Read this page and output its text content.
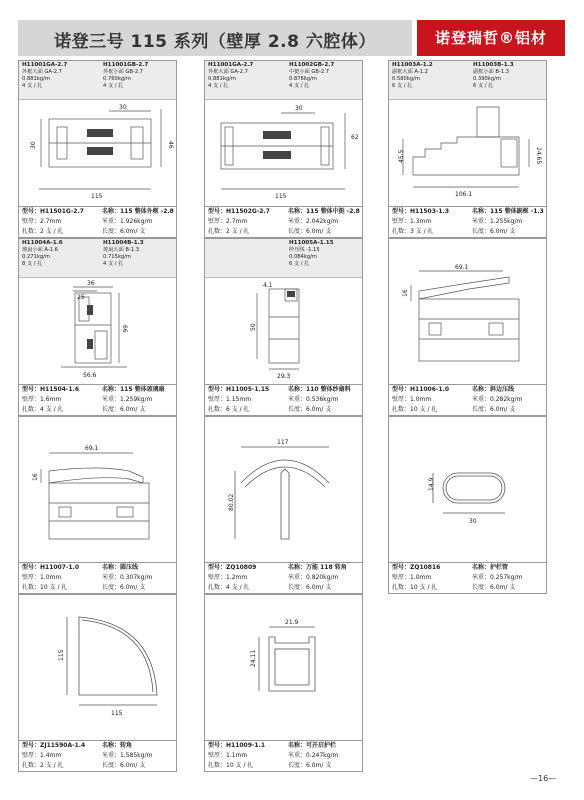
诺登三号 115 系列（壁厚 2.8 六腔体）	诺登瑞哲®铝材
H11001GA-2.7
外框大面 GA-2.7
0.881kg/m
4 支 / 扎
H11001GB-2.7
外框小面 GB-2.7
0.760kg/m
4 支 / 扎
30
46
30
115
型号：H11501G-2.7	名称：115 整体外框 -2.8
壁厚：2.7mm	米重：1.926kg/m
扎数：2 支 / 扎	长度：6.0m/ 支
H11001GA-2.7
外框大面 GA-2.7
0.881kg/m
4 支 / 扎
H11002GB-2.7
中挺小面 GB-2.7
0.876kg/m
4 支 / 扎
30
62
115
型号：H11502G-2.7	名称：115 整体中挺 -2.8
壁厚：2.7mm	米重：2.042kg/m
扎数：2 支 / 扎	长度：6.0m/ 支
H11003A-1.2
副框大面 A-1.2
0.580kg/m
6 支 / 扎
H11003B-1.3
副框小面 B-1.3
0.390kg/m
6 支 / 扎
45.5	24.65
106.1
型号：H11503-1.3	名称：115 整体副框 -1.3
壁厚：1.3mm	米重：1.255kg/m
扎数：3 支 / 扎	长度：6.0m/ 支
H11004A-1.6
玻扇小面 A-1.6
0.271kg/m
8 支 / 扎
H11004B-1.3
玻扇大面 B-1.3
0.715kg/m
4 支 / 扎
36
25
66
56.6
型号：H11504-1.6	名称：115 整体玻璃扇
壁厚：1.6mm	米重：1.259kg/m
扎数：4 支 / 扎	长度：6.0m/ 支
H11005A-1.15
纱压线 -1.15
0.084kg/m
6 支 / 扎
4.1
50
29.3
型号：H11005-1.15	名称：110 整体纱扇料
壁厚：1.15mm	米重：0.536kg/m
扎数：6 支 / 扎	长度：6.0m/ 支
69.1
16
型号：H11006-1.0	名称：斜边压线
壁厚：1.0mm	米重：0.282kg/m
扎数：10 支 / 扎	长度：6.0m/ 支
69.1
16
型号：H11007-1.0	名称：圆压线
壁厚：1.0mm	米重：0.307kg/m
扎数：10 支 / 扎	长度：6.0m/ 支
117
80.02
型号：ZQ10809	名称：万能 118 转角
壁厚：1.2mm	米重：0.820kg/m
扎数：4 支 / 扎	长度：6.0m/ 支
14.9
30
型号：ZQ10816	名称：护栏管
壁厚：1.0mm	米重：0.257kg/m
扎数：10 支 / 扎	长度：6.0m/ 支
115
115
型号：ZJ11590A-1.4	名称：转角
壁厚：1.4mm	米重：1.585kg/m
扎数：2 支 / 扎	长度：6.0m/ 支
21.9
24.11
型号：H11009-1.1	名称：可开启护栏
壁厚：1.1mm	米重：0.247kg/m
扎数：10 支 / 扎	长度：6.0m/ 支
—16—
